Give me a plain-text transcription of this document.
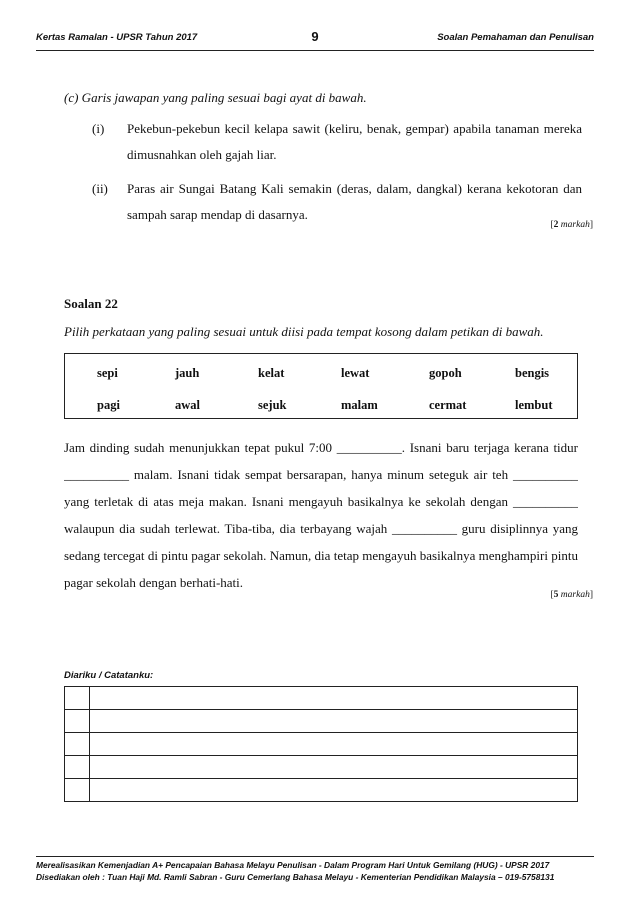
Kertas Ramalan - UPSR Tahun 2017	9	Soalan Pemahaman dan Penulisan
(c) Garis jawapan yang paling sesuai bagi ayat di bawah.
(i) Pekebun-pekebun kecil kelapa sawit (keliru, benak, gempar) apabila tanaman mereka dimusnahkan oleh gajah liar.
(ii) Paras air Sungai Batang Kali semakin (deras, dalam, dangkal) kerana kekotoran dan sampah sarap mendap di dasarnya.
[2 markah]
Soalan 22
Pilih perkataan yang paling sesuai untuk diisi pada tempat kosong dalam petikan di bawah.
sepi	jauh	kelat	lewat	gopoh	bengis
pagi	awal	sejuk	malam	cermat	lembut
Jam dinding sudah menunjukkan tepat pukul 7:00 __________. Isnani baru terjaga kerana tidur
__________ malam. Isnani tidak sempat bersarapan, hanya minum seteguk air teh __________
yang terletak di atas meja makan. Isnani mengayuh basikalnya ke sekolah dengan __________
walaupun dia sudah terlewat. Tiba-tiba, dia terbayang wajah __________ guru disiplinnya yang
sedang tercegat di pintu pagar sekolah. Namun, dia tetap mengayuh basikalnya menghampiri pintu
pagar sekolah dengan berhati-hati.
[5 markah]
Diariku / Catatanku:

Merealisasikan Kemenjadian A+ Pencapaian Bahasa Melayu Penulisan - Dalam Program Hari Untuk Gemilang (HUG) - UPSR 2017
Disediakan oleh : Tuan Haji Md. Ramli Sabran - Guru Cemerlang Bahasa Melayu - Kementerian Pendidikan Malaysia – 019-5758131
